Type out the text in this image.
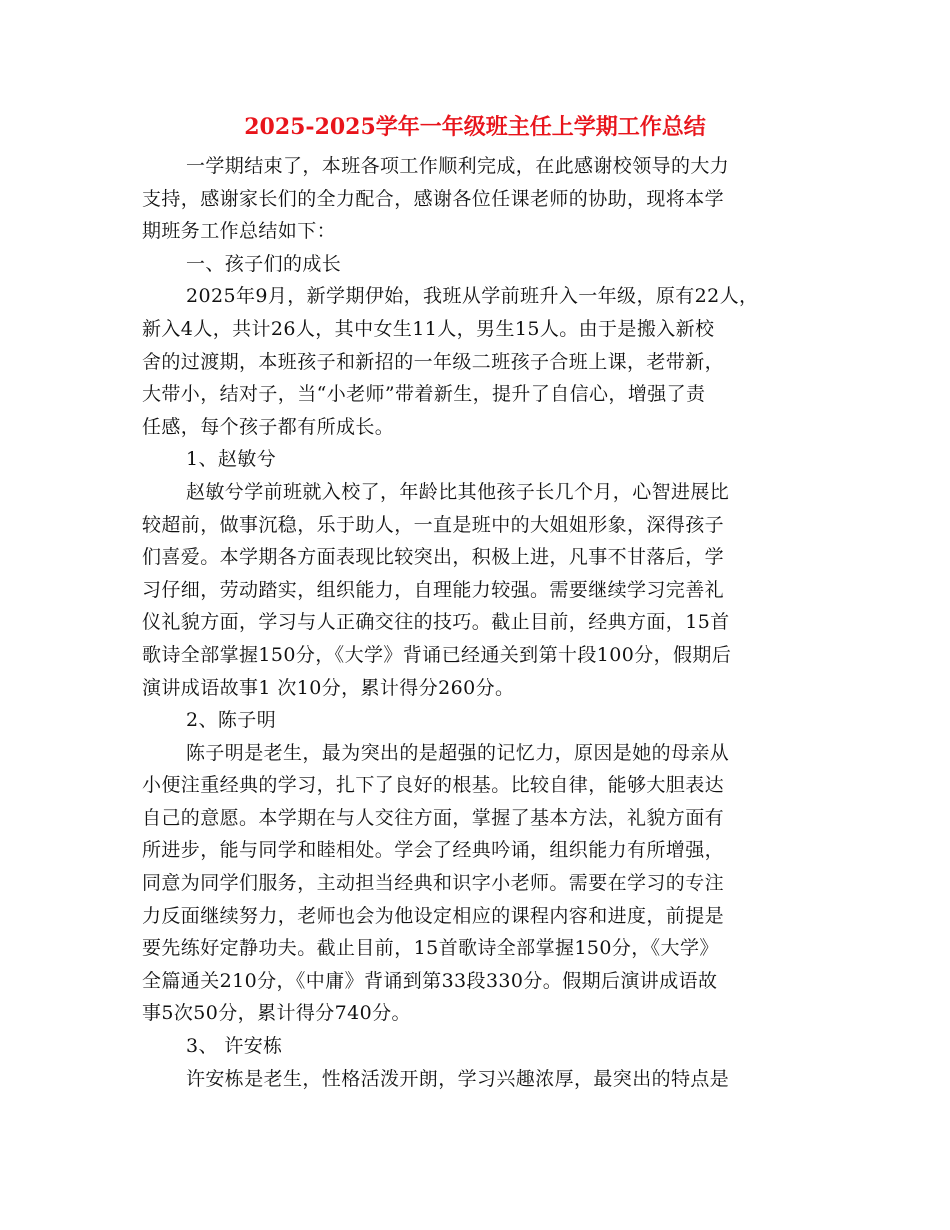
2025-2025学年一年级班主任上学期工作总结
一学期结束了，本班各项工作顺利完成，在此感谢校领导的大力
支持，感谢家长们的全力配合，感谢各位任课老师的协助，现将本学
期班务工作总结如下：
一、孩子们的成长
2025年9月，新学期伊始，我班从学前班升入一年级，原有22人，
新入4人，共计26人，其中女生11人，男生15人。由于是搬入新校
舍的过渡期，本班孩子和新招的一年级二班孩子合班上课，老带新，
大带小，结对子，当“小老师”带着新生，提升了自信心，增强了责
任感，每个孩子都有所成长。
1、赵敏兮
赵敏兮学前班就入校了，年龄比其他孩子长几个月，心智进展比
较超前，做事沉稳，乐于助人，一直是班中的大姐姐形象，深得孩子
们喜爱。本学期各方面表现比较突出，积极上进，凡事不甘落后，学
习仔细，劳动踏实，组织能力，自理能力较强。需要继续学习完善礼
仪礼貌方面，学习与人正确交往的技巧。截止目前，经典方面，15首
歌诗全部掌握150分，《大学》背诵已经通关到第十段100分，假期后
演讲成语故事1 次10分，累计得分260分。
2、陈子明
陈子明是老生，最为突出的是超强的记忆力，原因是她的母亲从
小便注重经典的学习，扎下了良好的根基。比较自律，能够大胆表达
自己的意愿。本学期在与人交往方面，掌握了基本方法，礼貌方面有
所进步，能与同学和睦相处。学会了经典吟诵，组织能力有所增强，
同意为同学们服务，主动担当经典和识字小老师。需要在学习的专注
力反面继续努力，老师也会为他设定相应的课程内容和进度，前提是
要先练好定静功夫。截止目前，15首歌诗全部掌握150分，《大学》
全篇通关210分，《中庸》背诵到第33段330分。假期后演讲成语故
事5次50分，累计得分740分。
3、 许安栋
许安栋是老生，性格活泼开朗，学习兴趣浓厚，最突出的特点是
